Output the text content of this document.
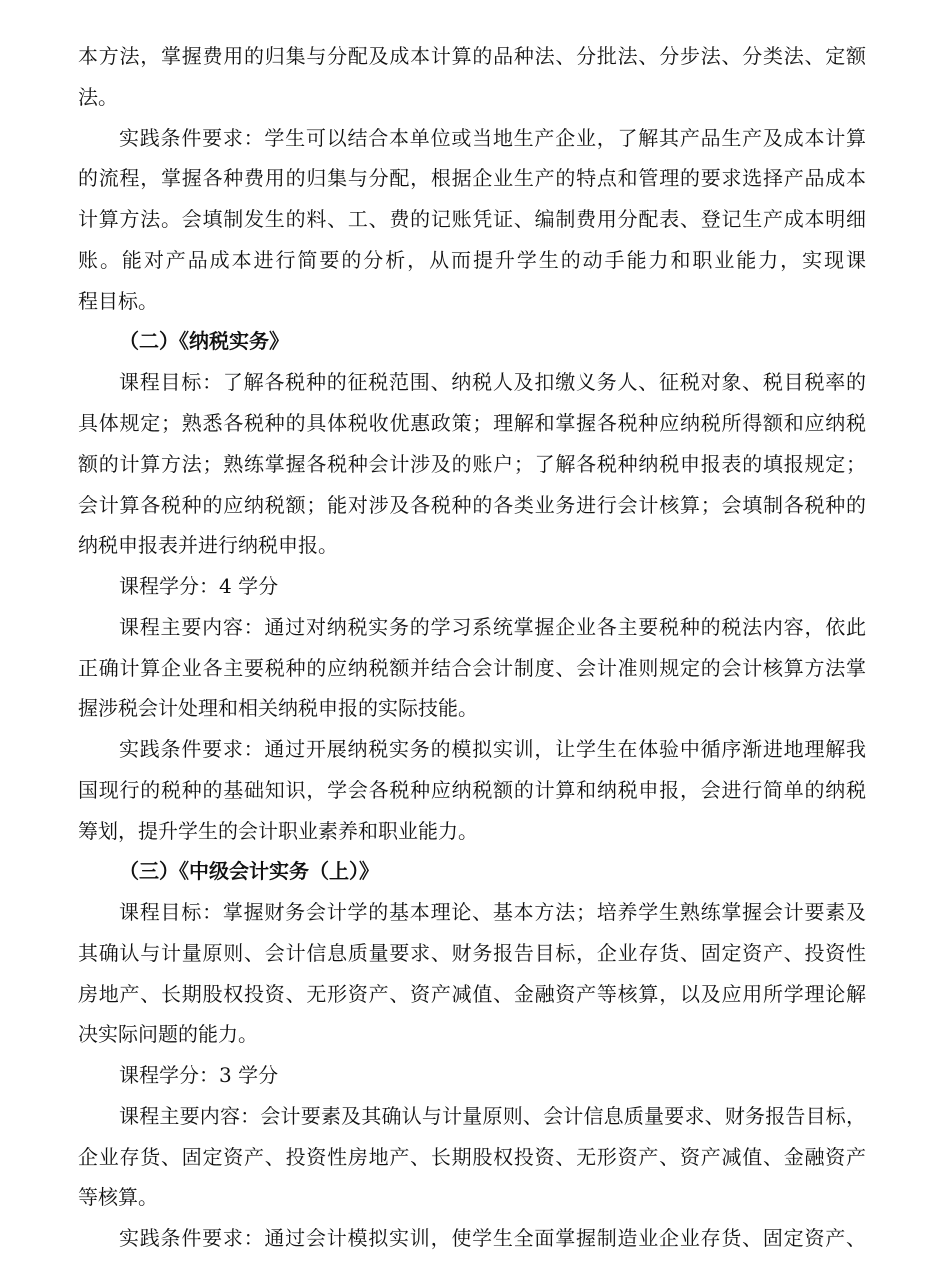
本方法，掌握费用的归集与分配及成本计算的品种法、分批法、分步法、分类法、定额
法。
实践条件要求：学生可以结合本单位或当地生产企业，了解其产品生产及成本计算
的流程，掌握各种费用的归集与分配，根据企业生产的特点和管理的要求选择产品成本
计算方法。会填制发生的料、工、费的记账凭证、编制费用分配表、登记生产成本明细
账。能对产品成本进行简要的分析，从而提升学生的动手能力和职业能力，实现课
程目标。
（二）《纳税实务》
课程目标：了解各税种的征税范围、纳税人及扣缴义务人、征税对象、税目税率的
具体规定；熟悉各税种的具体税收优惠政策；理解和掌握各税种应纳税所得额和应纳税
额的计算方法；熟练掌握各税种会计涉及的账户；了解各税种纳税申报表的填报规定；
会计算各税种的应纳税额；能对涉及各税种的各类业务进行会计核算；会填制各税种的
纳税申报表并进行纳税申报。
课程学分：4 学分
课程主要内容：通过对纳税实务的学习系统掌握企业各主要税种的税法内容，依此
正确计算企业各主要税种的应纳税额并结合会计制度、会计准则规定的会计核算方法掌
握涉税会计处理和相关纳税申报的实际技能。
实践条件要求：通过开展纳税实务的模拟实训，让学生在体验中循序渐进地理解我
国现行的税种的基础知识，学会各税种应纳税额的计算和纳税申报，会进行简单的纳税
筹划，提升学生的会计职业素养和职业能力。
（三）《中级会计实务（上）》
课程目标：掌握财务会计学的基本理论、基本方法；培养学生熟练掌握会计要素及
其确认与计量原则、会计信息质量要求、财务报告目标，企业存货、固定资产、投资性
房地产、长期股权投资、无形资产、资产减值、金融资产等核算，以及应用所学理论解
决实际问题的能力。
课程学分：3 学分
课程主要内容：会计要素及其确认与计量原则、会计信息质量要求、财务报告目标，
企业存货、固定资产、投资性房地产、长期股权投资、无形资产、资产减值、金融资产
等核算。
实践条件要求：通过会计模拟实训，使学生全面掌握制造业企业存货、固定资产、
